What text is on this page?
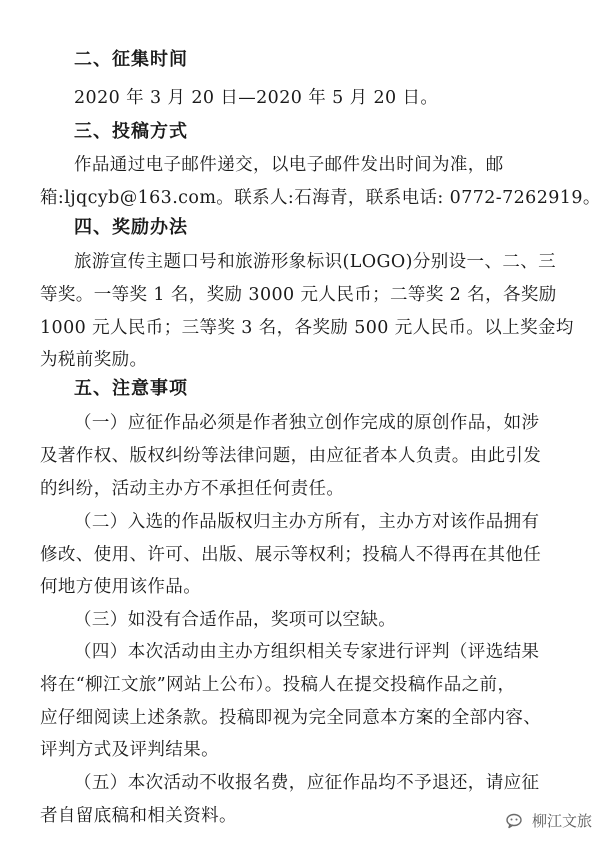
二、征集时间
2020 年 3 月 20 日—2020 年 5 月 20 日。
三、投稿方式
作品通过电子邮件递交，以电子邮件发出时间为准，邮
箱:ljqcyb@163.com。联系人:石海青，联系电话: 0772-7262919。
四、奖励办法
旅游宣传主题口号和旅游形象标识(LOGO)分别设一、二、三
等奖。一等奖 1 名，奖励 3000 元人民币；二等奖 2 名，各奖励
1000 元人民币；三等奖 3 名，各奖励 500 元人民币。以上奖金均
为税前奖励。
五、注意事项
（一）应征作品必须是作者独立创作完成的原创作品，如涉
及著作权、版权纠纷等法律问题，由应征者本人负责。由此引发
的纠纷，活动主办方不承担任何责任。
（二）入选的作品版权归主办方所有，主办方对该作品拥有
修改、使用、许可、出版、展示等权利；投稿人不得再在其他任
何地方使用该作品。
（三）如没有合适作品，奖项可以空缺。
（四）本次活动由主办方组织相关专家进行评判（评选结果
将在“柳江文旅”网站上公布）。投稿人在提交投稿作品之前，
应仔细阅读上述条款。投稿即视为完全同意本方案的全部内容、
评判方式及评判结果。
（五）本次活动不收报名费，应征作品均不予退还，请应征
者自留底稿和相关资料。	柳江文旅
